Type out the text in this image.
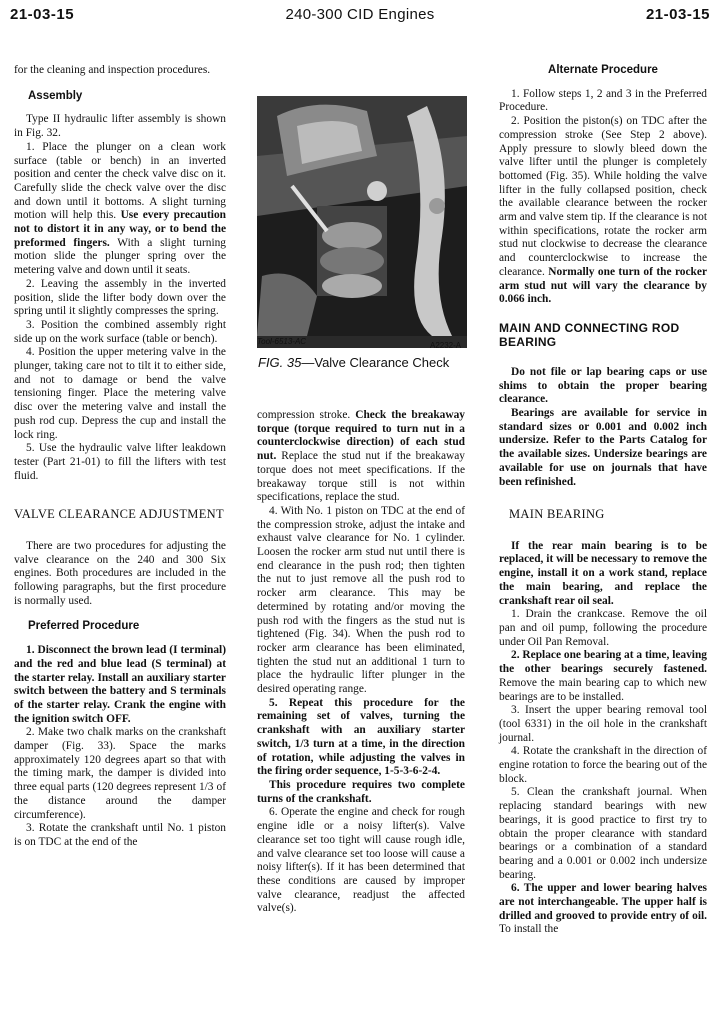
21-03-15	240-300 CID Engines	21-03-15

for the cleaning and inspection procedures.

Assembly

Type II hydraulic lifter assembly is shown in Fig. 32.

1. Place the plunger on a clean work surface (table or bench) in an inverted position and center the check valve disc on it. Carefully slide the check valve over the disc and down until it bottoms. A slight turning motion will help this. Use every precaution not to distort it in any way, or to bend the preformed fingers. With a slight turning motion slide the plunger spring over the metering valve and down until it seats.

2. Leaving the assembly in the inverted position, slide the lifter body down over the spring until it slightly compresses the spring.

3. Position the combined assembly right side up on the work surface (table or bench).

4. Position the upper metering valve in the plunger, taking care not to tilt it to either side, and not to damage or bend the valve tensioning finger. Place the metering valve disc over the metering valve and install the push rod cup. Depress the cup and install the lock ring.

5. Use the hydraulic valve lifter leakdown tester (Part 21-01) to fill the lifters with test fluid.

VALVE CLEARANCE ADJUSTMENT

There are two procedures for adjusting the valve clearance on the 240 and 300 Six engines. Both procedures are included in the following paragraphs, but the first procedure is normally used.

Preferred Procedure

1. Disconnect the brown lead (I terminal) and the red and blue lead (S terminal) at the starter relay. Install an auxiliary starter switch between the battery and S terminals of the starter relay. Crank the engine with the ignition switch OFF.

2. Make two chalk marks on the crankshaft damper (Fig. 33). Space the marks approximately 120 degrees apart so that with the timing mark, the damper is divided into three equal parts (120 degrees represent 1/3 of the distance around the damper circumference).

3. Rotate the crankshaft until No. 1 piston is on TDC at the end of the

Tool-6513-AC	A2232-A
FIG. 35—Valve Clearance Check

compression stroke. Check the breakaway torque (torque required to turn nut in a counterclockwise direction) of each stud nut. Replace the stud nut if the breakaway torque does not meet specifications. If the breakaway torque still is not within specifications, replace the stud.

4. With No. 1 piston on TDC at the end of the compression stroke, adjust the intake and exhaust valve clearance for No. 1 cylinder. Loosen the rocker arm stud nut until there is end clearance in the push rod; then tighten the nut to just remove all the push rod to rocker arm clearance. This may be determined by rotating and/or moving the push rod with the fingers as the stud nut is tightened (Fig. 34). When the push rod to rocker arm clearance has been eliminated, tighten the stud nut an additional 1 turn to place the hydraulic lifter plunger in the desired operating range.

5. Repeat this procedure for the remaining set of valves, turning the crankshaft with an auxiliary starter switch, 1/3 turn at a time, in the direction of rotation, while adjusting the valves in the firing order sequence, 1-5-3-6-2-4.

This procedure requires two complete turns of the crankshaft.

6. Operate the engine and check for rough engine idle or a noisy lifter(s). Valve clearance set too tight will cause rough idle, and valve clearance set too loose will cause a noisy lifter(s). If it has been determined that these conditions are caused by improper valve clearance, readjust the affected valve(s).

Alternate Procedure

1. Follow steps 1, 2 and 3 in the Preferred Procedure.

2. Position the piston(s) on TDC after the compression stroke (See Step 2 above). Apply pressure to slowly bleed down the valve lifter until the plunger is completely bottomed (Fig. 35). While holding the valve lifter in the fully collapsed position, check the available clearance between the rocker arm and valve stem tip. If the clearance is not within specifications, rotate the rocker arm stud nut clockwise to decrease the clearance and counterclockwise to increase the clearance. Normally one turn of the rocker arm stud nut will vary the clearance by 0.066 inch.

MAIN AND CONNECTING ROD BEARING

Do not file or lap bearing caps or use shims to obtain the proper bearing clearance.

Bearings are available for service in standard sizes or 0.001 and 0.002 inch undersize. Refer to the Parts Catalog for the available sizes. Undersize bearings are available for use on journals that have been refinished.

MAIN BEARING

If the rear main bearing is to be replaced, it will be necessary to remove the engine, install it on a work stand, replace the main bearing, and replace the crankshaft rear oil seal.

1. Drain the crankcase. Remove the oil pan and oil pump, following the procedure under Oil Pan Removal.

2. Replace one bearing at a time, leaving the other bearings securely fastened. Remove the main bearing cap to which new bearings are to be installed.

3. Insert the upper bearing removal tool (tool 6331) in the oil hole in the crankshaft journal.

4. Rotate the crankshaft in the direction of engine rotation to force the bearing out of the block.

5. Clean the crankshaft journal. When replacing standard bearings with new bearings, it is good practice to first try to obtain the proper clearance with standard bearings or a combination of a standard bearing and a 0.001 or 0.002 inch undersize bearing.

6. The upper and lower bearing halves are not interchangeable. The upper half is drilled and grooved to provide entry of oil. To install the
